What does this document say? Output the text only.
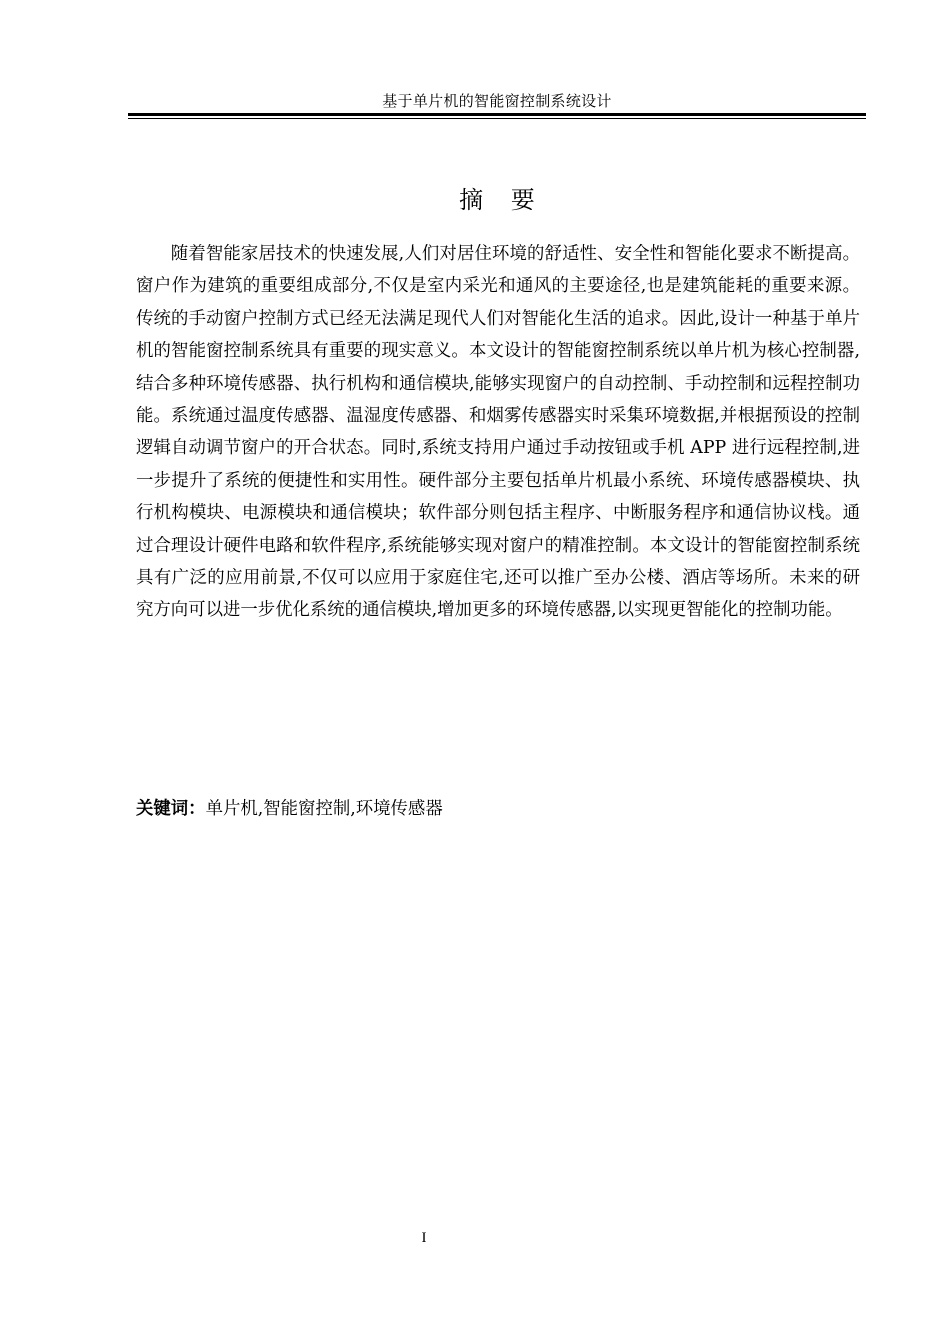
基于单片机的智能窗控制系统设计
摘 要

随着智能家居技术的快速发展,人们对居住环境的舒适性、安全性和智能化要求不断提高。窗户作为建筑的重要组成部分,不仅是室内采光和通风的主要途径,也是建筑能耗的重要来源。传统的手动窗户控制方式已经无法满足现代人们对智能化生活的追求。因此,设计一种基于单片机的智能窗控制系统具有重要的现实意义。本文设计的智能窗控制系统以单片机为核心控制器,结合多种环境传感器、执行机构和通信模块,能够实现窗户的自动控制、手动控制和远程控制功能。系统通过温度传感器、温湿度传感器、和烟雾传感器实时采集环境数据,并根据预设的控制逻辑自动调节窗户的开合状态。同时,系统支持用户通过手动按钮或手机 APP 进行远程控制,进一步提升了系统的便捷性和实用性。硬件部分主要包括单片机最小系统、环境传感器模块、执行机构模块、电源模块和通信模块；软件部分则包括主程序、中断服务程序和通信协议栈。通过合理设计硬件电路和软件程序,系统能够实现对窗户的精准控制。本文设计的智能窗控制系统具有广泛的应用前景,不仅可以应用于家庭住宅,还可以推广至办公楼、酒店等场所。未来的研究方向可以进一步优化系统的通信模块,增加更多的环境传感器,以实现更智能化的控制功能。

关键词：单片机,智能窗控制,环境传感器
I
